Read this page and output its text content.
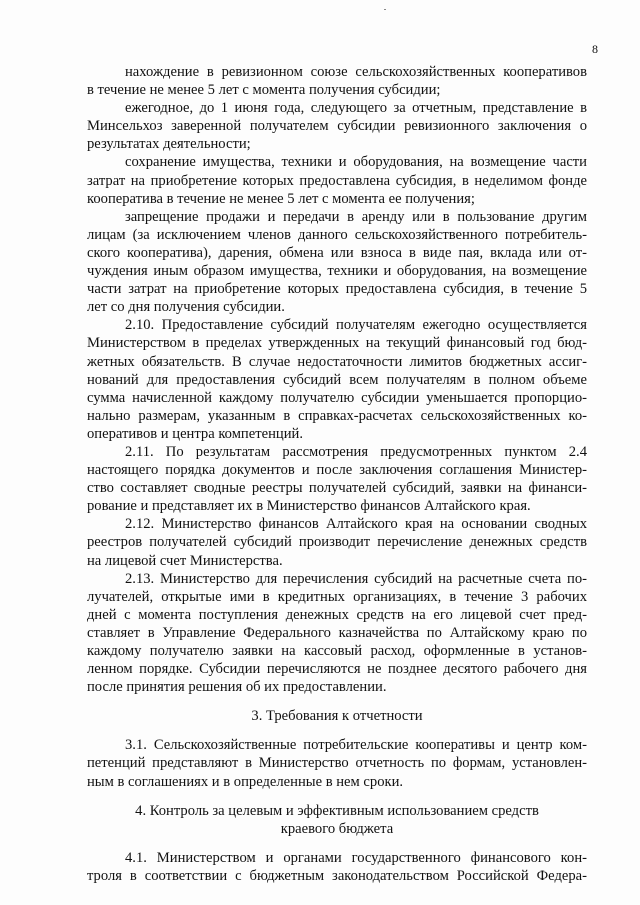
8
нахождение в ревизионном союзе сельскохозяйственных кооперативов
в течение не менее 5 лет с момента получения субсидии;
ежегодное, до 1 июня года, следующего за отчетным, представление в
Минсельхоз заверенной получателем субсидии ревизионного заключения о
результатах деятельности;
сохранение имущества, техники и оборудования, на возмещение части
затрат на приобретение которых предоставлена субсидия, в неделимом фонде
кооператива в течение не менее 5 лет с момента ее получения;
запрещение продажи и передачи в аренду или в пользование другим
лицам (за исключением членов данного сельскохозяйственного потребитель-
ского кооператива), дарения, обмена или взноса в виде пая, вклада или от-
чуждения иным образом имущества, техники и оборудования, на возмещение
части затрат на приобретение которых предоставлена субсидия, в течение 5
лет со дня получения субсидии.
2.10. Предоставление субсидий получателям ежегодно осуществляется
Министерством в пределах утвержденных на текущий финансовый год бюд-
жетных обязательств. В случае недостаточности лимитов бюджетных ассиг-
нований для предоставления субсидий всем получателям в полном объеме
сумма начисленной каждому получателю субсидии уменьшается пропорцио-
нально размерам, указанным в справках-расчетах сельскохозяйственных ко-
оперативов и центра компетенций.
2.11. По результатам рассмотрения предусмотренных пунктом 2.4
настоящего порядка документов и после заключения соглашения Министер-
ство составляет сводные реестры получателей субсидий, заявки на финанси-
рование и представляет их в Министерство финансов Алтайского края.
2.12. Министерство финансов Алтайского края на основании сводных
реестров получателей субсидий производит перечисление денежных средств
на лицевой счет Министерства.
2.13. Министерство для перечисления субсидий на расчетные счета по-
лучателей, открытые ими в кредитных организациях, в течение 3 рабочих
дней с момента поступления денежных средств на его лицевой счет пред-
ставляет в Управление Федерального казначейства по Алтайскому краю по
каждому получателю заявки на кассовый расход, оформленные в установ-
ленном порядке. Субсидии перечисляются не позднее десятого рабочего дня
после принятия решения об их предоставлении.
3. Требования к отчетности
3.1. Сельскохозяйственные потребительские кооперативы и центр ком-
петенций представляют в Министерство отчетность по формам, установлен-
ным в соглашениях и в определенные в нем сроки.
4. Контроль за целевым и эффективным использованием средств
краевого бюджета
4.1. Министерством и органами государственного финансового кон-
троля в соответствии с бюджетным законодательством Российской Федера-
